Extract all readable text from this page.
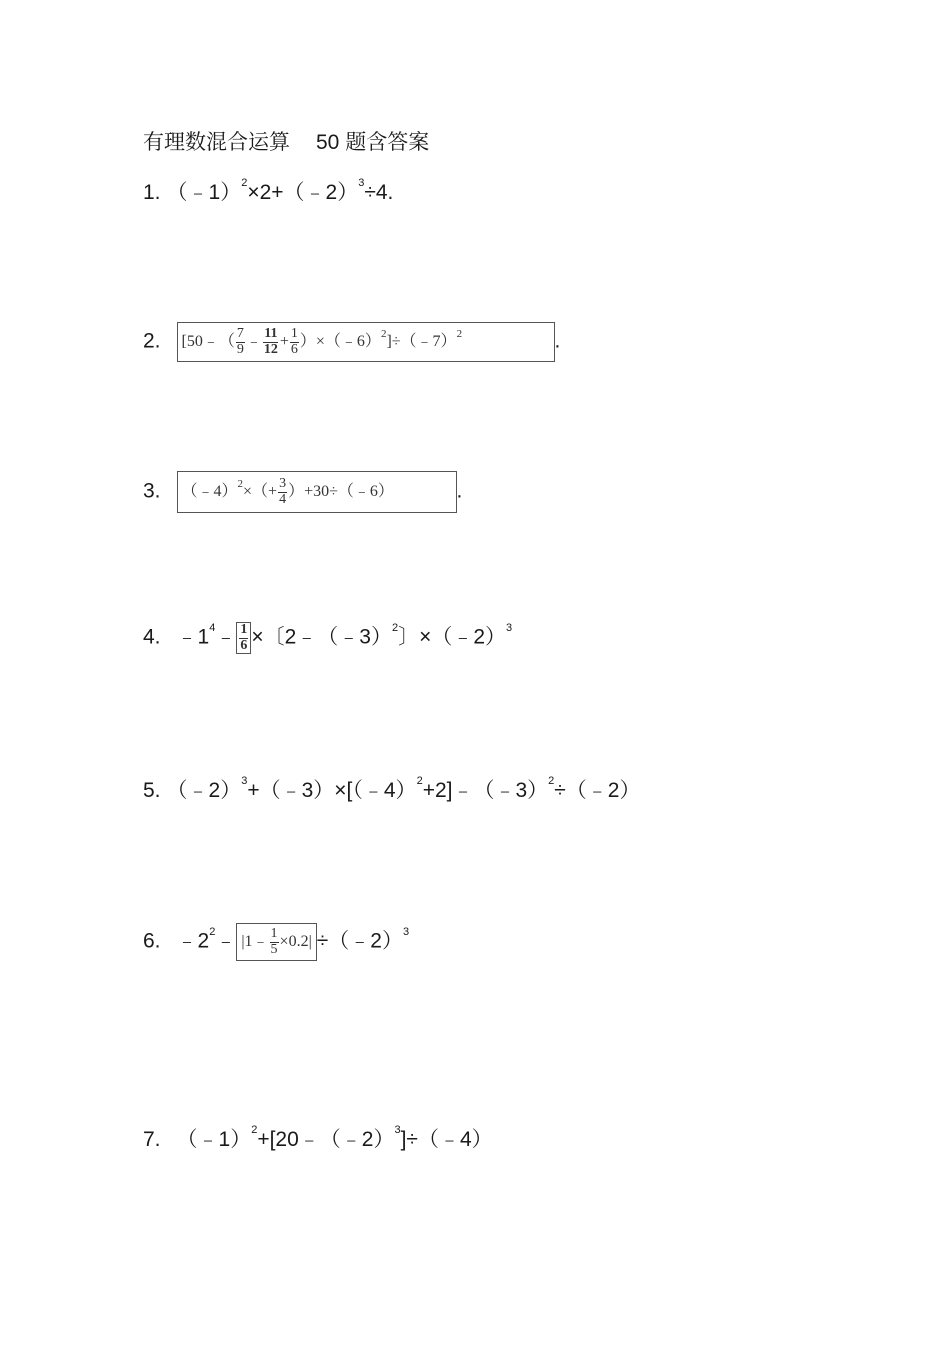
有理数混合运算 50 题含答案
1. （﹣1）$^2$×2+（﹣2）$^3$÷4.
2. [50﹣（ $\frac{7}{9}$ ﹣ $\frac{11}{12} + \frac{1}{6}$ ）×（﹣6） 2 ]÷（﹣7） 2	.
3. （﹣4） 2 ×（+ $\frac{3}{4}$ ）+30÷（﹣6）	.
4. $﹣1^4﹣ \frac{1}{6}$ ×〔2﹣（﹣3）$^2$〕×（﹣2）$^3$
5. （﹣2）$^3$+（﹣3）×[（﹣4）$^2$+2]﹣（﹣3）$^2$÷（﹣2）
6. $﹣2^2﹣$ |1﹣ $\frac{1}{5} \times 0.2|$ ÷（﹣2）$^3$
7. （﹣1）$^2$+[20﹣（﹣2）$^3$]÷（﹣4）
